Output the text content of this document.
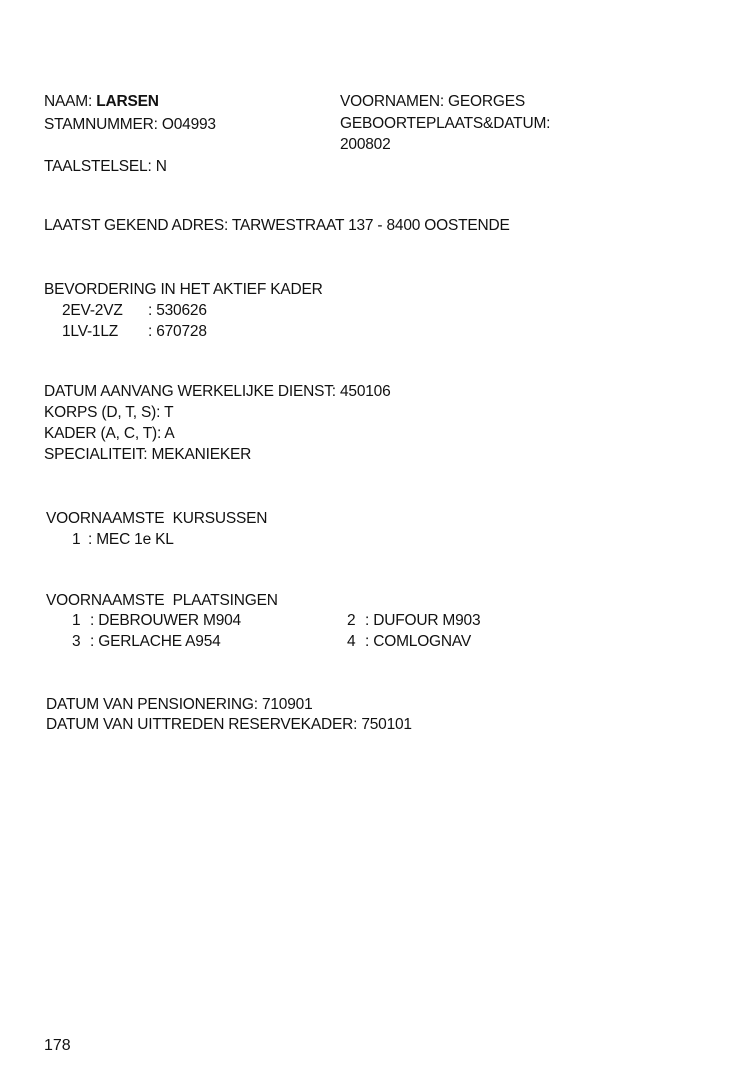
NAAM: LARSEN
STAMNUMMER: O04993
VOORNAMEN: GEORGES
GEBOORTEPLAATS&DATUM:
200802
TAALSTELSEL: N
LAATST GEKEND ADRES: TARWESTRAAT 137 - 8400 OOSTENDE
BEVORDERING IN HET AKTIEF KADER
2EV-2VZ : 530626
1LV-1LZ : 670728
DATUM AANVANG WERKELIJKE DIENST: 450106
KORPS (D, T, S): T
KADER (A, C, T): A
SPECIALITEIT: MEKANIEKER
VOORNAAMSTE  KURSUSSEN
1 : MEC 1e KL
VOORNAAMSTE  PLAATSINGEN
1 : DEBROUWER M904	2 : DUFOUR M903
3 : GERLACHE A954	4 : COMLOGNAV
DATUM VAN PENSIONERING: 710901
DATUM VAN UITTREDEN RESERVEKADER: 750101
178
